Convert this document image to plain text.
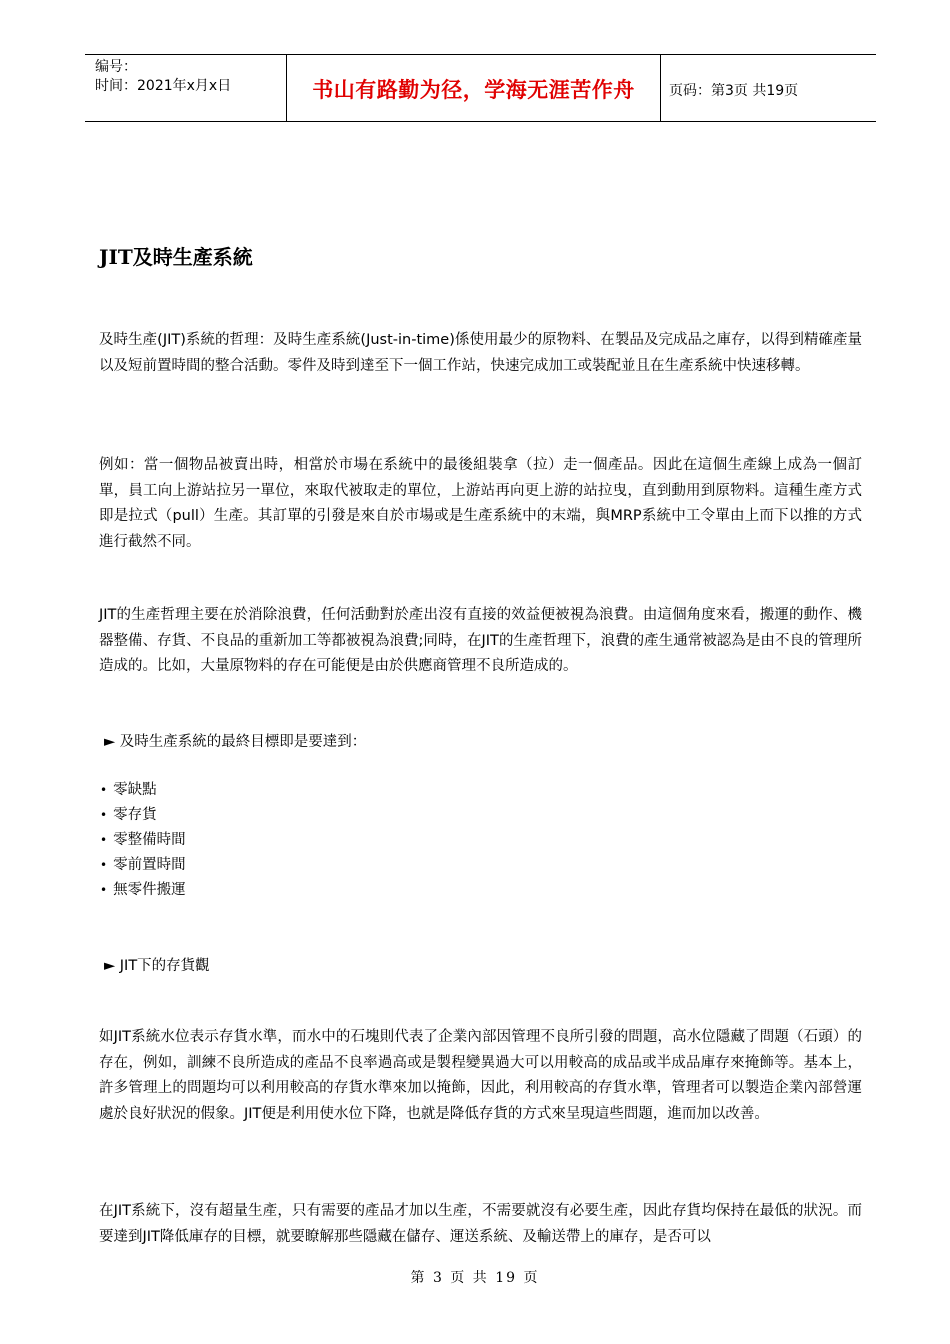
编号：
时间：2021年x月x日	书山有路勤为径，学海无涯苦作舟	页码：第3页 共19页
JIT及時生產系統

及時生產(JIT)系統的哲理：及時生產系統(Just-in-time)係使用最少的原物料、在製品及完成品之庫存，以得到精確產量以及短前置時間的整合活動。零件及時到達至下一個工作站，快速完成加工或裝配並且在生產系統中快速移轉。

例如：當一個物品被賣出時，相當於市場在系統中的最後組裝拿（拉）走一個產品。因此在這個生產線上成為一個訂單，員工向上游站拉另一單位，來取代被取走的單位，上游站再向更上游的站拉曳，直到動用到原物料。這種生產方式即是拉式（pull）生產。其訂單的引發是來自於市場或是生產系統中的末端，與MRP系統中工令單由上而下以推的方式進行截然不同。

JIT的生產哲理主要在於消除浪費，任何活動對於產出沒有直接的效益便被視為浪費。由這個角度來看，搬運的動作、機器整備、存貨、不良品的重新加工等都被視為浪費;同時，在JIT的生產哲理下，浪費的產生通常被認為是由不良的管理所造成的。比如，大量原物料的存在可能便是由於供應商管理不良所造成的。

► 及時生產系統的最終目標即是要達到：
• 零缺點
• 零存貨
• 零整備時間
• 零前置時間
• 無零件搬運
► JIT下的存貨觀

如JIT系統水位表示存貨水準，而水中的石塊則代表了企業內部因管理不良所引發的問題，高水位隱藏了問題（石頭）的存在，例如，訓練不良所造成的產品不良率過高或是製程變異過大可以用較高的成品或半成品庫存來掩飾等。基本上，許多管理上的問題均可以利用較高的存貨水準來加以掩飾，因此，利用較高的存貨水準，管理者可以製造企業內部營運處於良好狀況的假象。JIT便是利用使水位下降，也就是降低存貨的方式來呈現這些問題，進而加以改善。

在JIT系統下，沒有超量生產，只有需要的產品才加以生產，不需要就沒有必要生產，因此存貨均保持在最低的狀況。而要達到JIT降低庫存的目標，就要瞭解那些隱藏在儲存、運送系統、及輸送帶上的庫存，是否可以

第 3 页 共 19 页
